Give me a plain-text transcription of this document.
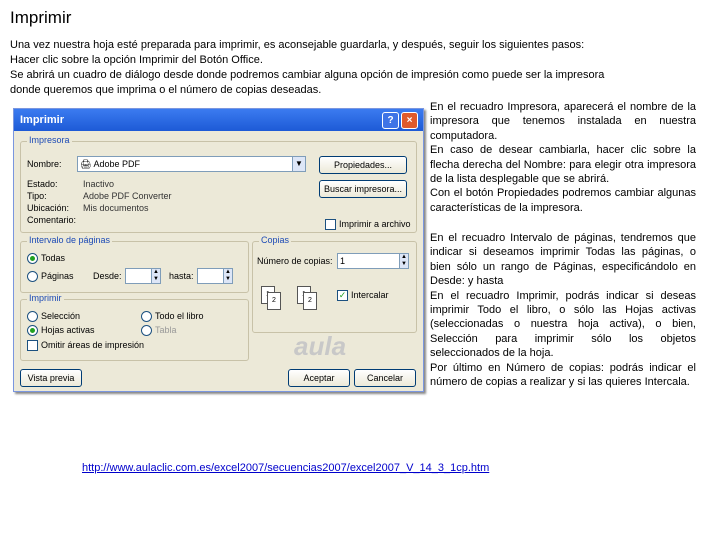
Imprimir
Una vez nuestra hoja esté preparada para imprimir, es aconsejable guardarla, y después, seguir los siguientes pasos:
Hacer clic sobre la opción Imprimir del Botón Office.
Se abrirá un cuadro de diálogo desde donde podremos cambiar alguna opción de impresión como puede ser la impresora
donde queremos que imprima o el número de copias deseadas.
Imprimir	?	×
Impresora
Nombre:	🖨 Adobe PDF	▼
Estado:	Inactivo
Tipo:	Adobe PDF Converter
Ubicación: Mis documentos
Comentario:
Propiedades...
Buscar impresora...
Imprimir a archivo
Intervalo de páginas
Todas
Páginas Desde:	▲
▼ hasta:	▲
▼
Copias
Número de copias: 1	▲
▼
2	2
✓ Intercalar
Imprimir
Selección	Todo el libro
Hojas activas	Tabla
Omitir áreas de impresión	aula
Vista previa	Aceptar	Cancelar
En el recuadro Impresora, aparecerá el nombre de la impresora que tenemos instalada en nuestra computadora.
En caso de desear cambiarla, hacer clic sobre la flecha derecha del Nombre: para elegir otra impresora de la lista desplegable que se abrirá.
Con el botón Propiedades podremos cambiar algunas características de la impresora.
En el recuadro Intervalo de páginas, tendremos que indicar si deseamos imprimir Todas las páginas, o bien sólo un rango de Páginas, especificándolo en Desde: y hasta
En el recuadro Imprimir, podrás indicar si deseas imprimir Todo el libro, o sólo las Hojas activas (seleccionadas o nuestra hoja activa), o bien, Selección para imprimir sólo los objetos seleccionados de la hoja.
Por último en Número de copias: podrás indicar el número de copias a realizar y si las quieres Intercala.
http://www.aulaclic.com.es/excel2007/secuencias2007/excel2007_V_14_3_1cp.htm
